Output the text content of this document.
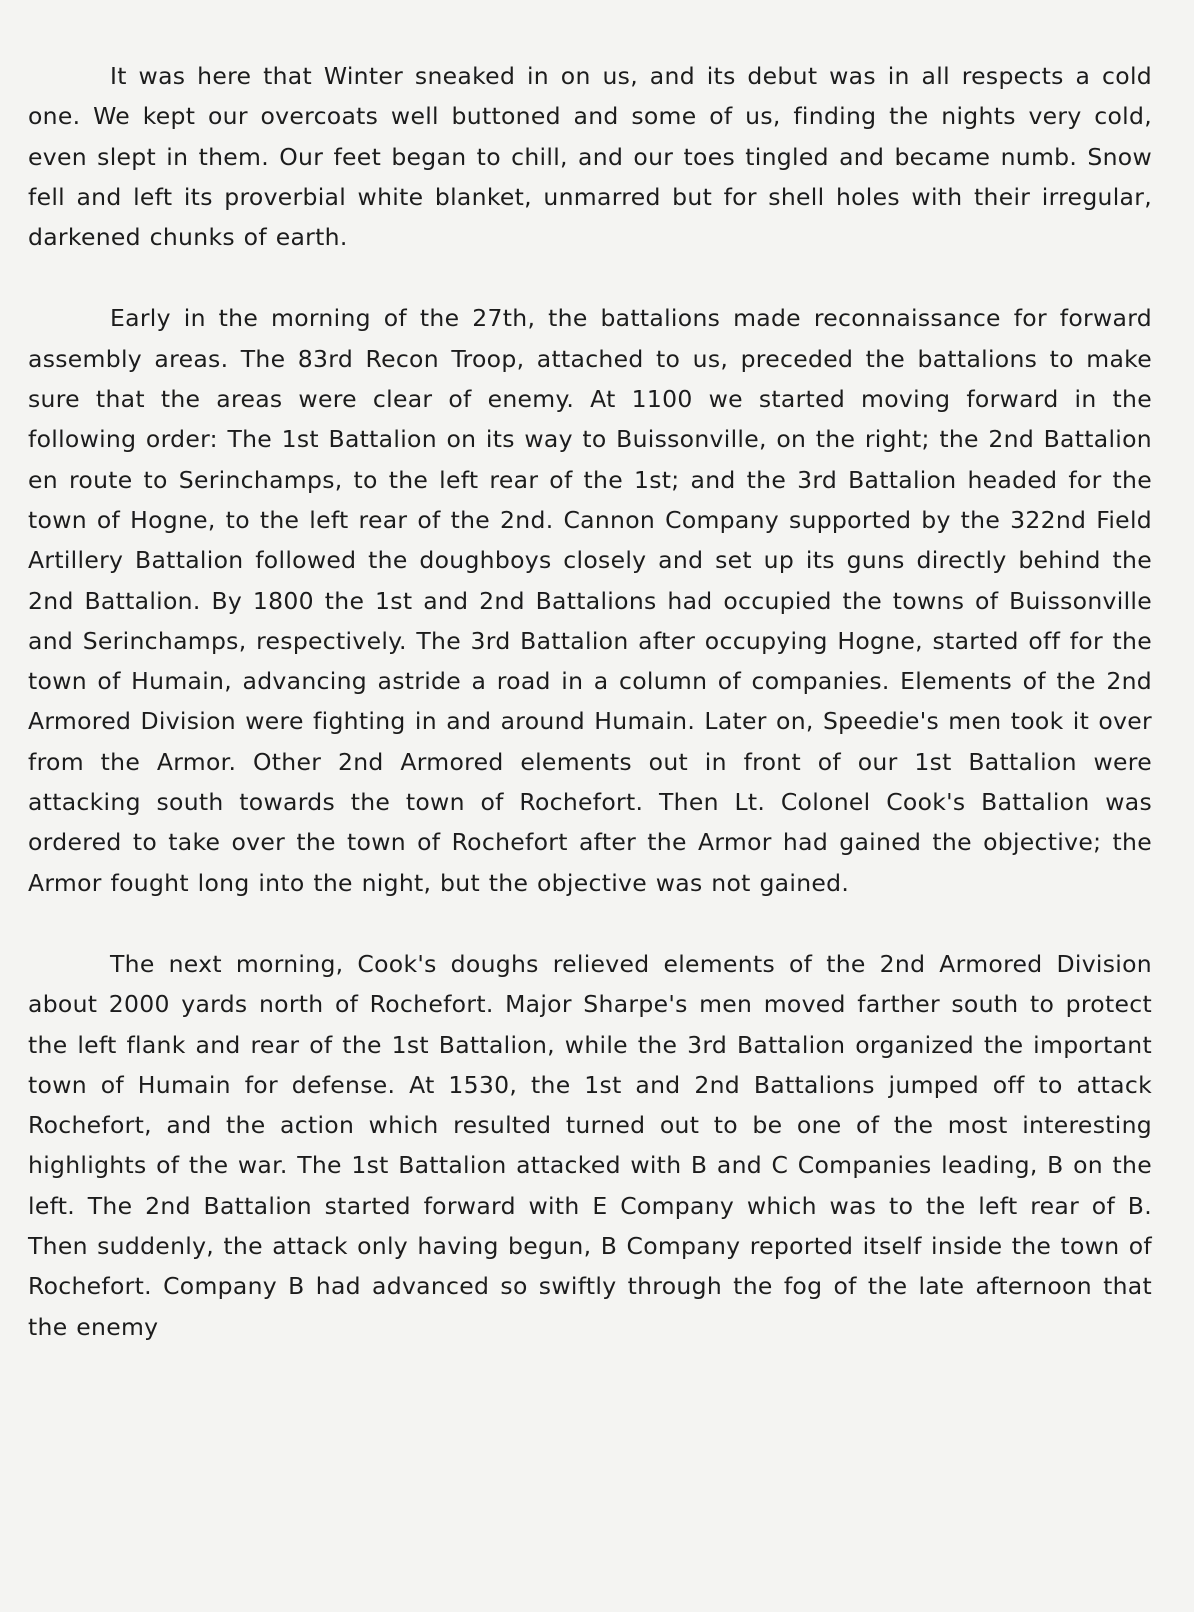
It was here that Winter sneaked in on us, and its debut was in all respects a cold one. We kept our overcoats well buttoned and some of us, finding the nights very cold, even slept in them. Our feet began to chill, and our toes tingled and became numb. Snow fell and left its proverbial white blanket, unmarred but for shell holes with their irregular, darkened chunks of earth.

Early in the morning of the 27th, the battalions made reconnaissance for forward assembly areas. The 83rd Recon Troop, attached to us, preceded the battalions to make sure that the areas were clear of enemy. At 1100 we started moving forward in the following order: The 1st Battalion on its way to Buissonville, on the right; the 2nd Battalion en route to Serinchamps, to the left rear of the 1st; and the 3rd Battalion headed for the town of Hogne, to the left rear of the 2nd. Cannon Company supported by the 322nd Field Artillery Battalion followed the doughboys closely and set up its guns directly behind the 2nd Battalion. By 1800 the 1st and 2nd Battalions had occupied the towns of Buissonville and Serinchamps, respectively. The 3rd Battalion after occupying Hogne, started off for the town of Humain, advancing astride a road in a column of companies. Elements of the 2nd Armored Division were fighting in and around Humain. Later on, Speedie's men took it over from the Armor. Other 2nd Armored elements out in front of our 1st Battalion were attacking south towards the town of Rochefort. Then Lt. Colonel Cook's Battalion was ordered to take over the town of Rochefort after the Armor had gained the objective; the Armor fought long into the night, but the objective was not gained.

The next morning, Cook's doughs relieved elements of the 2nd Armored Division about 2000 yards north of Rochefort. Major Sharpe's men moved farther south to protect the left flank and rear of the 1st Battalion, while the 3rd Battalion organized the important town of Humain for defense. At 1530, the 1st and 2nd Battalions jumped off to attack Rochefort, and the action which resulted turned out to be one of the most interesting highlights of the war. The 1st Battalion attacked with B and C Companies leading, B on the left. The 2nd Battalion started forward with E Company which was to the left rear of B. Then suddenly, the attack only having begun, B Company reported itself inside the town of Rochefort. Company B had advanced so swiftly through the fog of the late afternoon that the enemy
